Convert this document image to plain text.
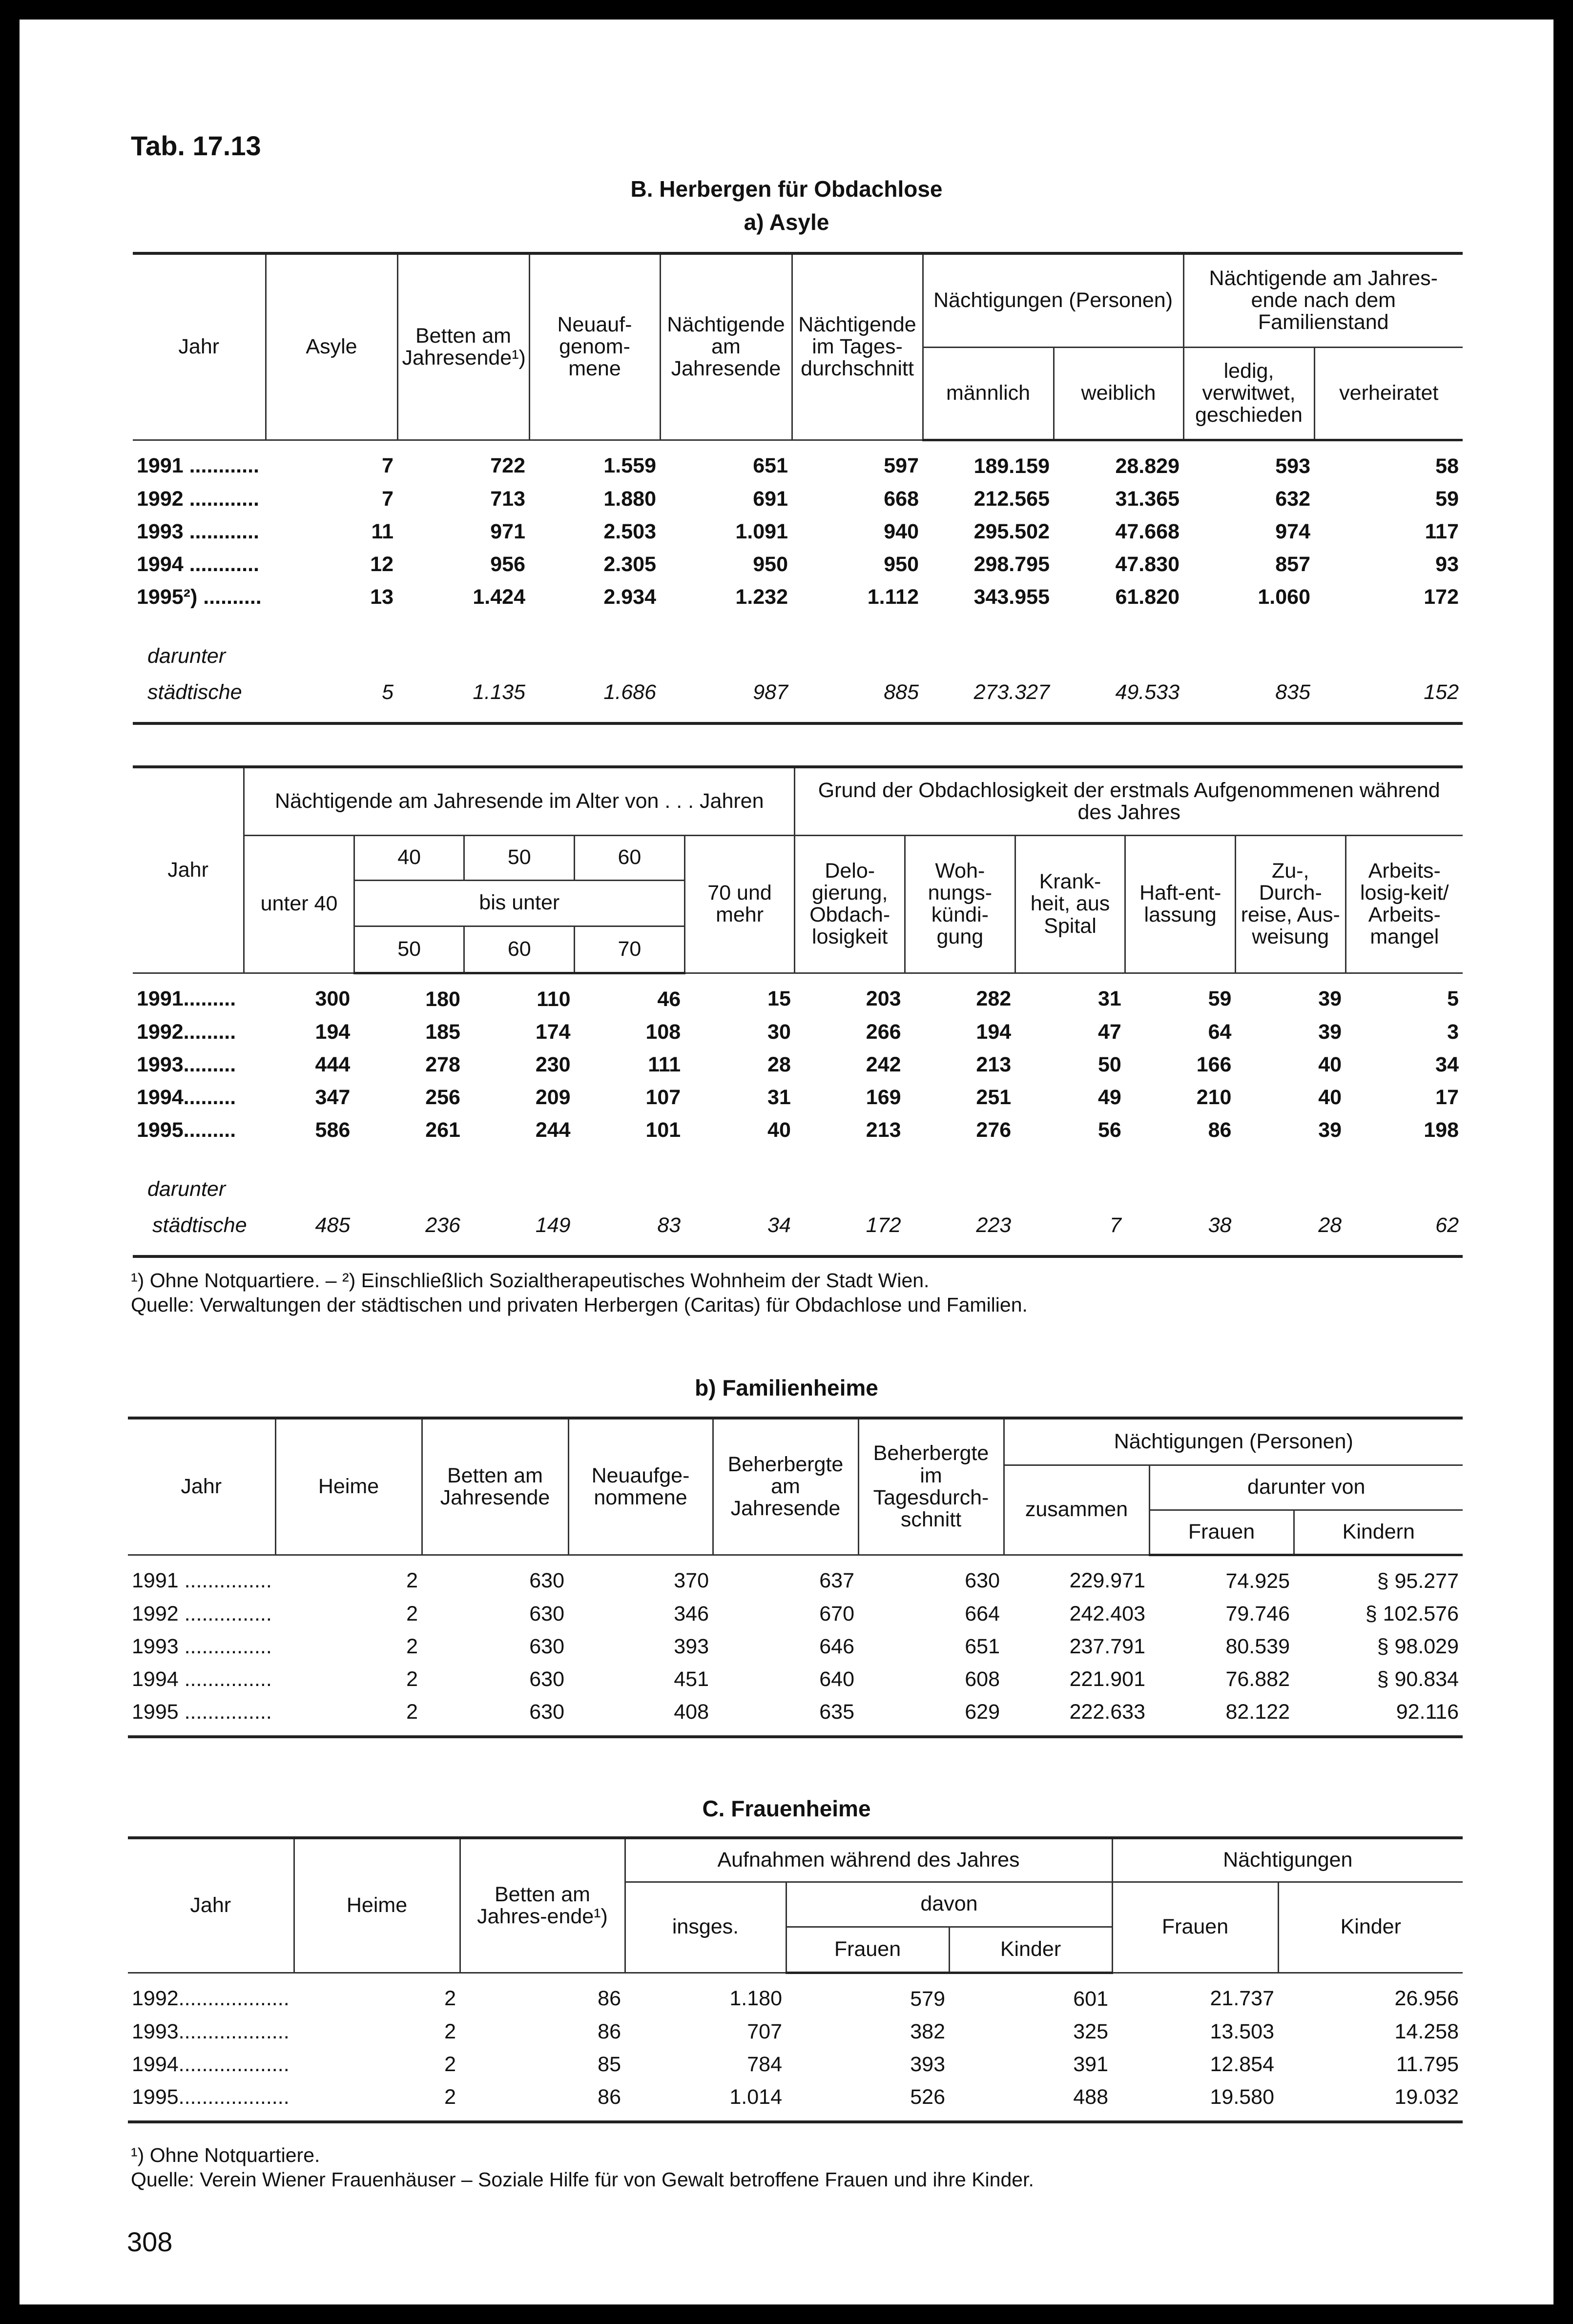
Tab. 17.13
B. Herbergen für Obdachlose
a) Asyle
Jahr	Asyle	Betten am Jahresende¹)	Neuauf-genom-mene	Nächtigende am Jahresende	Nächtigende im Tages-durchschnitt	Nächtigungen (Personen)		Nächtigende am Jahres-ende nach dem Familienstand	
						männlich	weiblich	ledig, verwitwet, geschieden	verheiratet
1991 ............	7	722	1.559	651	597	189.159	28.829	593	58
1992 ............	7	713	1.880	691	668	212.565	31.365	632	59
1993 ............	11	971	2.503	1.091	940	295.502	47.668	974	117
1994 ............	12	956	2.305	950	950	298.795	47.830	857	93
1995²) ..........	13	1.424	2.934	1.232	1.112	343.955	61.820	1.060	172
darunter									
städtische	5	1.135	1.686	987	885	273.327	49.533	835	152

Jahr	Nächtigende am Jahresende im Alter von . . . Jahren					Grund der Obdachlosigkeit der erstmals Aufgenommenen während des Jahres					
	unter 40	40	50	60	70 und mehr	Delo-gierung, Obdach-losigkeit	Woh-nungs-kündi-gung	Krank-heit, aus Spital	Haft-ent-lassung	Zu-, Durch-reise, Aus-weisung	Arbeits-losig-keit/ Arbeits-mangel
		bis unter									
		50	60	70							
1991.........	300	180	110	46	15	203	282	31	59	39	5
1992.........	194	185	174	108	30	266	194	47	64	39	3
1993.........	444	278	230	111	28	242	213	50	166	40	34
1994.........	347	256	209	107	31	169	251	49	210	40	17
1995.........	586	261	244	101	40	213	276	56	86	39	198
darunter											
städtische	485	236	149	83	34	172	223	7	38	28	62

¹) Ohne Notquartiere. – ²) Einschließlich Sozialtherapeutisches Wohnheim der Stadt Wien.
Quelle: Verwaltungen der städtischen und privaten Herbergen (Caritas) für Obdachlose und Familien.
b) Familienheime
Jahr	Heime	Betten am Jahresende	Neuaufge-nommene	Beherbergte am Jahresende	Beherbergte im Tagesdurch-schnitt	Nächtigungen (Personen)		
						zusammen	darunter von	
							Frauen	Kindern
1991 ...............	2	630	370	637	630	229.971	74.925	§ 95.277
1992 ...............	2	630	346	670	664	242.403	79.746	§ 102.576
1993 ...............	2	630	393	646	651	237.791	80.539	§ 98.029
1994 ...............	2	630	451	640	608	221.901	76.882	§ 90.834
1995 ...............	2	630	408	635	629	222.633	82.122	92.116

C. Frauenheime
Jahr	Heime	Betten am Jahres-ende¹)	Aufnahmen während des Jahres			Nächtigungen	
			insges.	davon		Frauen	Kinder
				Frauen	Kinder		
1992...................	2	86	1.180	579	601	21.737	26.956
1993...................	2	86	707	382	325	13.503	14.258
1994...................	2	85	784	393	391	12.854	11.795
1995...................	2	86	1.014	526	488	19.580	19.032

¹) Ohne Notquartiere.
Quelle: Verein Wiener Frauenhäuser – Soziale Hilfe für von Gewalt betroffene Frauen und ihre Kinder.
308
